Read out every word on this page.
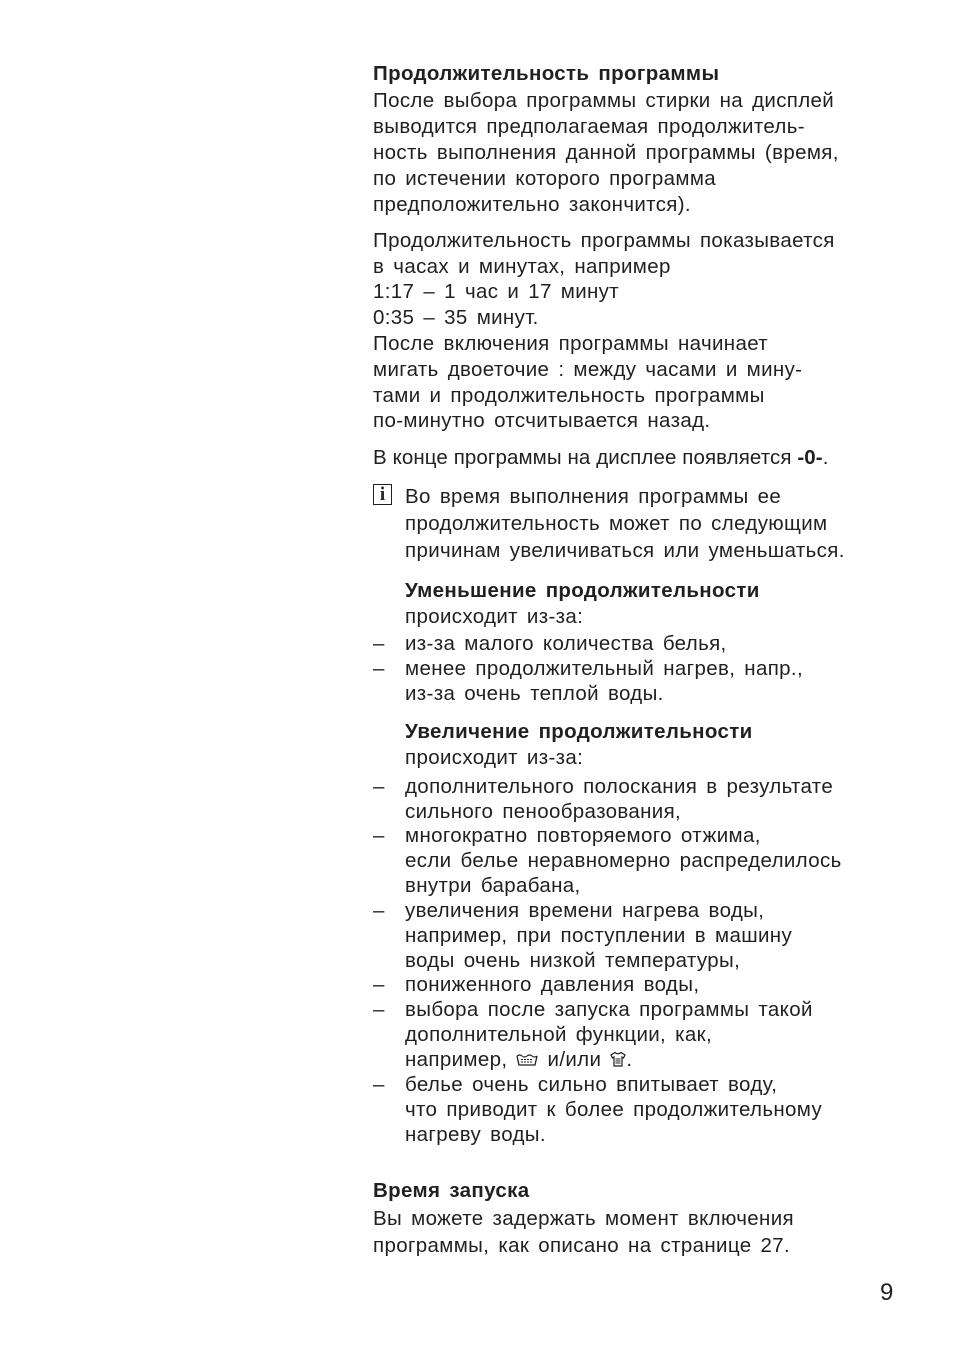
Продолжительность программы
После выбора программы стирки на дисплей
выводится предполагаемая продолжитель-
ность выполнения данной программы (время,
по истечении которого программа
предположительно закончится).
Продолжительность программы показывается
в часах и минутах, например
1:17 – 1 час и 17 минут
0:35 – 35 минут.
После включения программы начинает
мигать двоеточие : между часами и мину-
тами и продолжительность программы
по-минутно отсчитывается назад.
В конце программы на дисплее появляется -0-.
i Во время выполнения программы ее
продолжительность может по следующим
причинам увеличиваться или уменьшаться.
Уменьшение продолжительности
происходит из-за:
– из-за малого количества белья,
– менее продолжительный нагрев, напр.,
из-за очень теплой воды.
Увеличение продолжительности
происходит из-за:
– дополнительного полоскания в результате
сильного пенообразования,
– многократно повторяемого отжима,
если белье неравномерно распределилось
внутри барабана,
– увеличения времени нагрева воды,
например, при поступлении в машину
воды очень низкой температуры,
– пониженного давления воды,
– выбора после запуска программы такой
дополнительной функции, как,
например,  и/или .
– белье очень сильно впитывает воду,
что приводит к более продолжительному
нагреву воды.
Время запуска
Вы можете задержать момент включения
программы, как описано на странице 27.
9
